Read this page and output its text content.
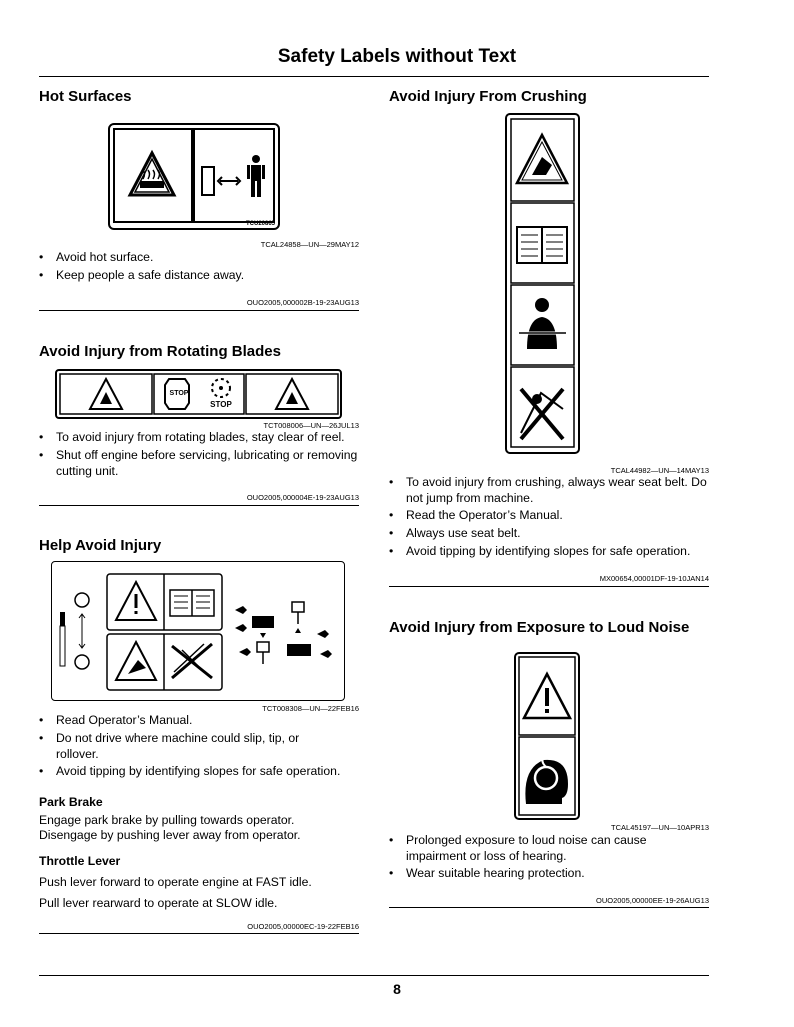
Safety Labels without Text
Hot Surfaces
TCU20865
TCAL24858—UN—29MAY12
•	Avoid hot surface.
•	Keep people a safe distance away.
OUO2005,000002B-19-23AUG13
Avoid Injury from Rotating Blades
STOP
STOP
TCT008006—UN—26JUL13
•	To avoid injury from rotating blades, stay clear of reel.
•	Shut off engine before servicing, lubricating or removing cutting unit.
OUO2005,000004E-19-23AUG13
Help Avoid Injury
TCT008308—UN—22FEB16
•	Read Operator’s Manual.
•	Do not drive where machine could slip, tip, or rollover.
•	Avoid tipping by identifying slopes for safe operation.
Park Brake
Engage park brake by pulling towards operator. Disengage by pushing lever away from operator.
Throttle Lever
Push lever forward to operate engine at FAST idle.
Pull lever rearward to operate at SLOW idle.
OUO2005,00000EC-19-22FEB16
Avoid Injury From Crushing
TCAL44982—UN—14MAY13
•	To avoid injury from crushing, always wear seat belt. Do not jump from machine.
•	Read the Operator’s Manual.
•	Always use seat belt.
•	Avoid tipping by identifying slopes for safe operation.
MX00654,00001DF-19-10JAN14
Avoid Injury from Exposure to Loud Noise
TCAL45197—UN—10APR13
•	Prolonged exposure to loud noise can cause impairment or loss of hearing.
•	Wear suitable hearing protection.
OUO2005,00000EE-19-26AUG13
8
